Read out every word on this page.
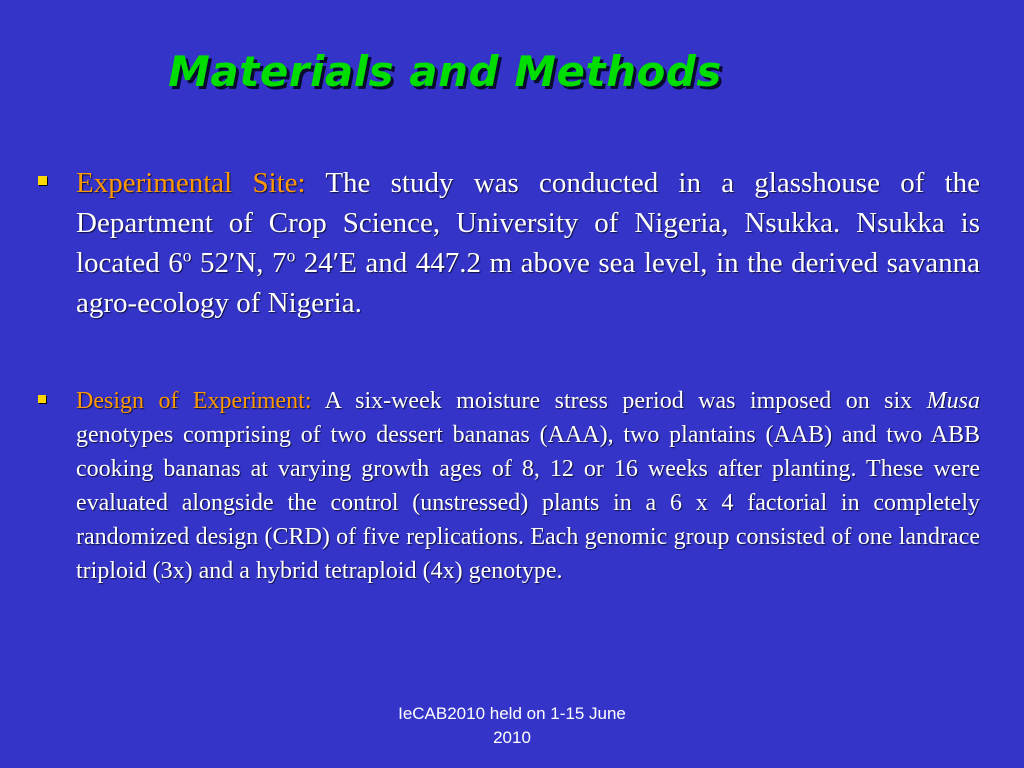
Materials and Methods
Experimental Site: The study was conducted in a glasshouse of the Department of Crop Science, University of Nigeria, Nsukka. Nsukka is located 6$^o$ 52′N, 7$^o$ 24′E and 447.2 m above sea level, in the derived savanna agro-ecology of Nigeria.
Design of Experiment: A six-week moisture stress period was imposed on six Musa genotypes comprising of two dessert bananas (AAA), two plantains (AAB) and two ABB cooking bananas at varying growth ages of 8, 12 or 16 weeks after planting. These were evaluated alongside the control (unstressed) plants in a 6 x 4 factorial in completely randomized design (CRD) of five replications. Each genomic group consisted of one landrace triploid (3x) and a hybrid tetraploid (4x) genotype.
IeCAB2010 held on 1-15 June
2010
